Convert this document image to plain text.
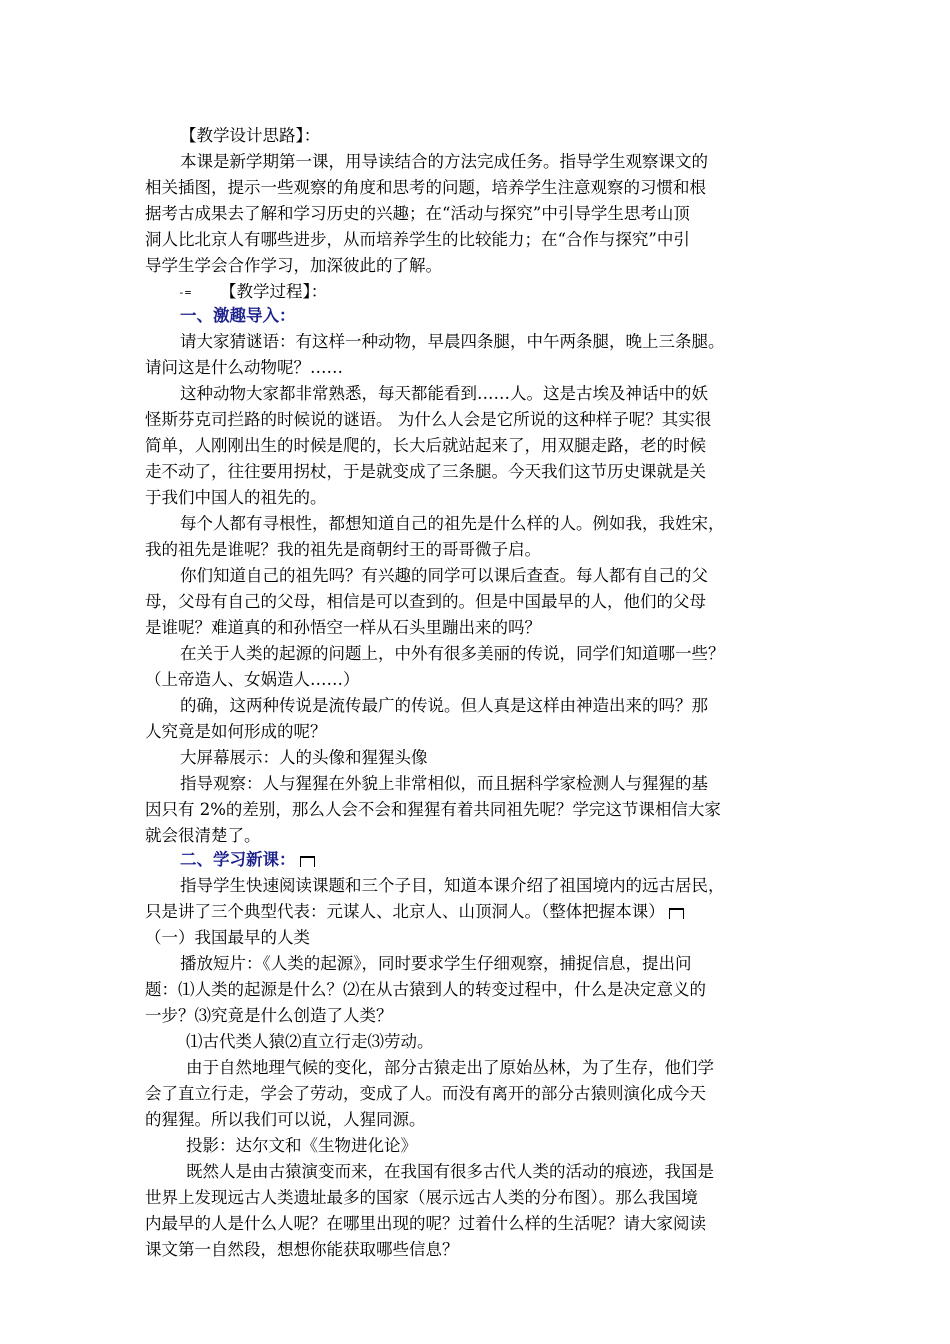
【教学设计思路】：
本课是新学期第一课，用导读结合的方法完成任务。指导学生观察课文的
相关插图，提示一些观察的角度和思考的问题，培养学生注意观察的习惯和根
据考古成果去了解和学习历史的兴趣；在“活动与探究”中引导学生思考山顶
洞人比北京人有哪些进步，从而培养学生的比较能力；在“合作与探究”中引
导学生学会合作学习，加深彼此的了解。
-= 【教学过程】：
一、激趣导入：
请大家猜谜语：有这样一种动物，早晨四条腿，中午两条腿，晚上三条腿。
请问这是什么动物呢？……
这种动物大家都非常熟悉，每天都能看到……人。这是古埃及神话中的妖
怪斯芬克司拦路的时候说的谜语。 为什么人会是它所说的这种样子呢？其实很
简单，人刚刚出生的时候是爬的，长大后就站起来了，用双腿走路，老的时候
走不动了，往往要用拐杖，于是就变成了三条腿。今天我们这节历史课就是关
于我们中国人的祖先的。
每个人都有寻根性，都想知道自己的祖先是什么样的人。例如我，我姓宋，
我的祖先是谁呢？我的祖先是商朝纣王的哥哥微子启。
你们知道自己的祖先吗？有兴趣的同学可以课后查查。每人都有自己的父
母，父母有自己的父母，相信是可以查到的。但是中国最早的人，他们的父母
是谁呢？难道真的和孙悟空一样从石头里蹦出来的吗？
在关于人类的起源的问题上，中外有很多美丽的传说，同学们知道哪一些？
（上帝造人、女娲造人……）
的确，这两种传说是流传最广的传说。但人真是这样由神造出来的吗？那
人究竟是如何形成的呢？
大屏幕展示：人的头像和猩猩头像
指导观察：人与猩猩在外貌上非常相似，而且据科学家检测人与猩猩的基
因只有 2%的差别，那么人会不会和猩猩有着共同祖先呢？学完这节课相信大家
就会很清楚了。
二、学习新课：
指导学生快速阅读课题和三个子目，知道本课介绍了祖国境内的远古居民，
只是讲了三个典型代表：元谋人、北京人、山顶洞人。（整体把握本课）
（一）我国最早的人类
播放短片：《人类的起源》，同时要求学生仔细观察，捕捉信息，提出问
题：⑴人类的起源是什么？⑵在从古猿到人的转变过程中，什么是决定意义的
一步？⑶究竟是什么创造了人类？
⑴古代类人猿⑵直立行走⑶劳动。
由于自然地理气候的变化，部分古猿走出了原始丛林，为了生存，他们学
会了直立行走，学会了劳动，变成了人。而没有离开的部分古猿则演化成今天
的猩猩。所以我们可以说，人猩同源。
投影：达尔文和《生物进化论》
既然人是由古猿演变而来，在我国有很多古代人类的活动的痕迹，我国是
世界上发现远古人类遗址最多的国家（展示远古人类的分布图）。那么我国境
内最早的人是什么人呢？在哪里出现的呢？过着什么样的生活呢？请大家阅读
课文第一自然段，想想你能获取哪些信息？
